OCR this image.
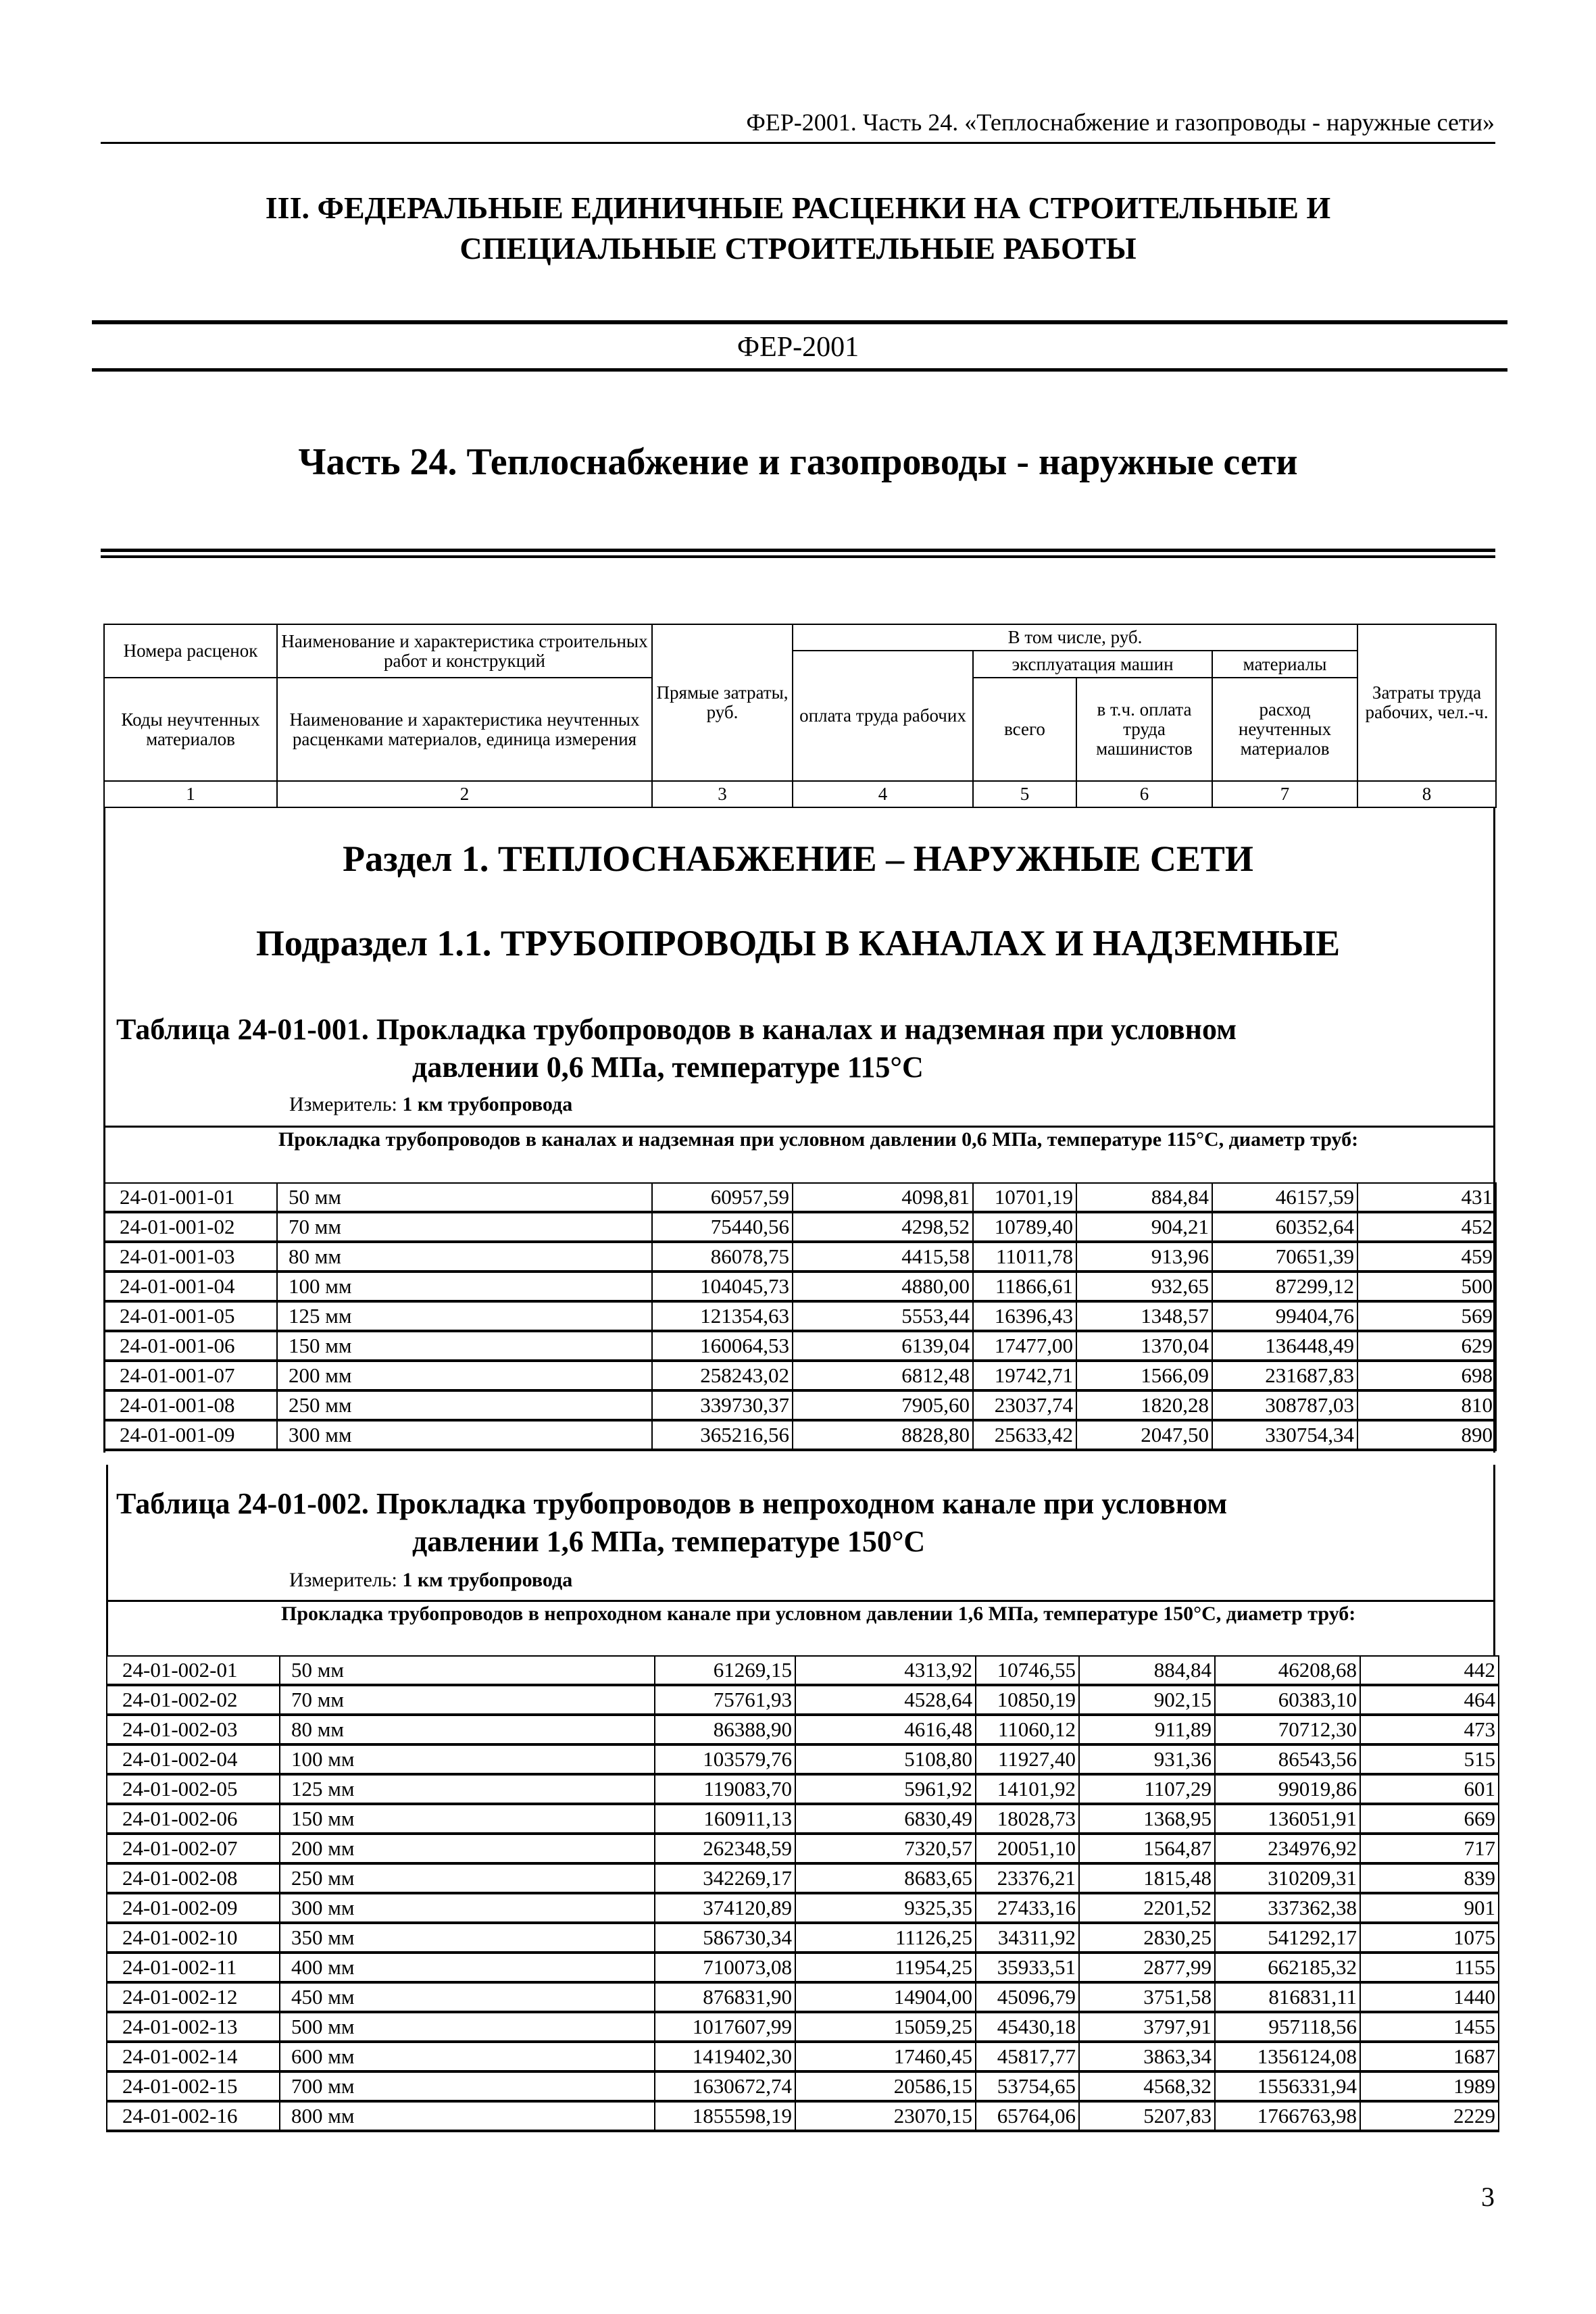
ФЕР-2001. Часть 24. «Теплоснабжение и газопроводы - наружные сети»
III. ФЕДЕРАЛЬНЫЕ ЕДИНИЧНЫЕ РАСЦЕНКИ НА СТРОИТЕЛЬНЫЕ И
СПЕЦИАЛЬНЫЕ СТРОИТЕЛЬНЫЕ РАБОТЫ
ФЕР-2001
Часть 24. Теплоснабжение и газопроводы - наружные сети
Номера расценок	Наименование и характеристика строительных работ и конструкций	Прямые затраты, руб.	В том числе, руб.				Затраты труда рабочих, чел.-ч.
			оплата труда рабочих	эксплуатация машин		материалы	
Коды неучтенных материалов	Наименование и характеристика неучтенных расценками материалов, единица измерения			всего	в т.ч. оплата труда машинистов	расход неучтенных материалов	
1	2	3	4	5	6	7	8
Раздел 1. ТЕПЛОСНАБЖЕНИЕ – НАРУЖНЫЕ СЕТИ
Подраздел 1.1. ТРУБОПРОВОДЫ В КАНАЛАХ И НАДЗЕМНЫЕ
Таблица 24-01-001. Прокладка трубопроводов в каналах и надземная при условном
давлении 0,6 МПа, температуре 115°С
Измеритель: 1 км трубопровода
Прокладка трубопроводов в каналах и надземная при условном давлении 0,6 МПа, температуре 115°С, диаметр труб:
24-01-001-01	50 мм	60957,59	4098,81	10701,19	884,84	46157,59	431
24-01-001-02	70 мм	75440,56	4298,52	10789,40	904,21	60352,64	452
24-01-001-03	80 мм	86078,75	4415,58	11011,78	913,96	70651,39	459
24-01-001-04	100 мм	104045,73	4880,00	11866,61	932,65	87299,12	500
24-01-001-05	125 мм	121354,63	5553,44	16396,43	1348,57	99404,76	569
24-01-001-06	150 мм	160064,53	6139,04	17477,00	1370,04	136448,49	629
24-01-001-07	200 мм	258243,02	6812,48	19742,71	1566,09	231687,83	698
24-01-001-08	250 мм	339730,37	7905,60	23037,74	1820,28	308787,03	810
24-01-001-09	300 мм	365216,56	8828,80	25633,42	2047,50	330754,34	890
Таблица 24-01-002. Прокладка трубопроводов в непроходном канале при условном
давлении 1,6 МПа, температуре 150°С
Измеритель: 1 км трубопровода
Прокладка трубопроводов в непроходном канале при условном давлении 1,6 МПа, температуре 150°С, диаметр труб:
24-01-002-01	50 мм	61269,15	4313,92	10746,55	884,84	46208,68	442
24-01-002-02	70 мм	75761,93	4528,64	10850,19	902,15	60383,10	464
24-01-002-03	80 мм	86388,90	4616,48	11060,12	911,89	70712,30	473
24-01-002-04	100 мм	103579,76	5108,80	11927,40	931,36	86543,56	515
24-01-002-05	125 мм	119083,70	5961,92	14101,92	1107,29	99019,86	601
24-01-002-06	150 мм	160911,13	6830,49	18028,73	1368,95	136051,91	669
24-01-002-07	200 мм	262348,59	7320,57	20051,10	1564,87	234976,92	717
24-01-002-08	250 мм	342269,17	8683,65	23376,21	1815,48	310209,31	839
24-01-002-09	300 мм	374120,89	9325,35	27433,16	2201,52	337362,38	901
24-01-002-10	350 мм	586730,34	11126,25	34311,92	2830,25	541292,17	1075
24-01-002-11	400 мм	710073,08	11954,25	35933,51	2877,99	662185,32	1155
24-01-002-12	450 мм	876831,90	14904,00	45096,79	3751,58	816831,11	1440
24-01-002-13	500 мм	1017607,99	15059,25	45430,18	3797,91	957118,56	1455
24-01-002-14	600 мм	1419402,30	17460,45	45817,77	3863,34	1356124,08	1687
24-01-002-15	700 мм	1630672,74	20586,15	53754,65	4568,32	1556331,94	1989
24-01-002-16	800 мм	1855598,19	23070,15	65764,06	5207,83	1766763,98	2229
3
